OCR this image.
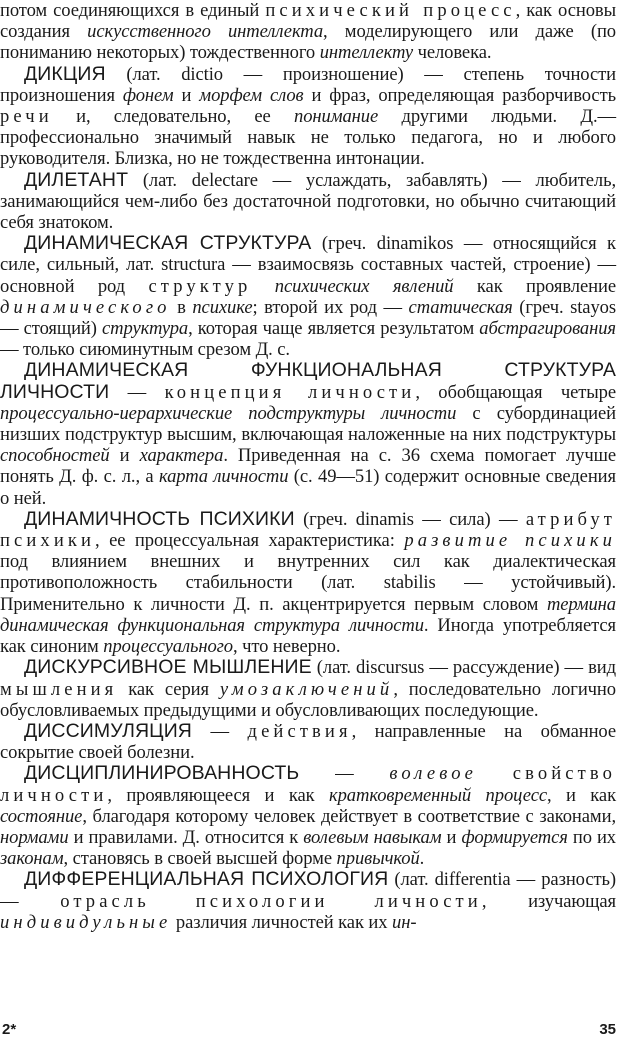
потом соединяющихся в единый психический процесс, как основы создания искусственного интеллекта, моделирующего или даже (по пониманию некоторых) тождественного интеллекту человека.

ДИКЦИЯ (лат. dictio — произношение) — степень точности произношения фонем и морфем слов и фраз, определяющая разборчивость речи и, следовательно, ее понимание другими людьми. Д.— профессионально значимый навык не только педагога, но и любого руководителя. Близка, но не тождественна интонации.

ДИЛЕТАНТ (лат. delectare — услаждать, забавлять) — любитель, занимающийся чем-либо без достаточной подготовки, но обычно считающий себя знатоком.

ДИНАМИЧЕСКАЯ СТРУКТУРА (греч. dinamikos — относящийся к силе, сильный, лат. structura — взаимосвязь составных частей, строение) — основной род структур психических явлений как проявление динамического в психике; второй их род — статическая (греч. stayos — стоящий) структура, которая чаще является результатом абстрагирования — только сиюминутным срезом Д. с.

ДИНАМИЧЕСКАЯ ФУНКЦИОНАЛЬНАЯ СТРУКТУРА ЛИЧНОСТИ — концепция личности, обобщающая четыре процессуально-иерархические подструктуры личности с субординацией низших подструктур высшим, включающая наложенные на них подструктуры способностей и характера. Приведенная на с. 36 схема помогает лучше понять Д. ф. с. л., а карта личности (с. 49—51) содержит основные сведения о ней.

ДИНАМИЧНОСТЬ ПСИХИКИ (греч. dinamis — сила) — атрибут психики, ее процессуальная характеристика: развитие психики под влиянием внешних и внутренних сил как диалектическая противоположность стабильности (лат. stabilis — устойчивый). Применительно к личности Д. п. акцентрируется первым словом термина динамическая функциональная структура личности. Иногда употребляется как синоним процессуального, что неверно.

ДИСКУРСИВНОЕ МЫШЛЕНИЕ (лат. discursus — рассуждение) — вид мышления как серия умозаключений, последовательно логично обусловливаемых предыдущими и обусловливающих последующие.

ДИССИМУЛЯЦИЯ — действия, направленные на обманное сокрытие своей болезни.

ДИСЦИПЛИНИРОВАННОСТЬ — волевое свойство личности, проявляющееся и как кратковременный процесс, и как состояние, благодаря которому человек действует в соответствие с законами, нормами и правилами. Д. относится к волевым навыкам и формируется по их законам, становясь в своей высшей форме привычкой.

ДИФФЕРЕНЦИАЛЬНАЯ ПСИХОЛОГИЯ (лат. differentia — разность) — отрасль психологии личности, изучающая индивидульные различия личностей как их ин-

2*	35
